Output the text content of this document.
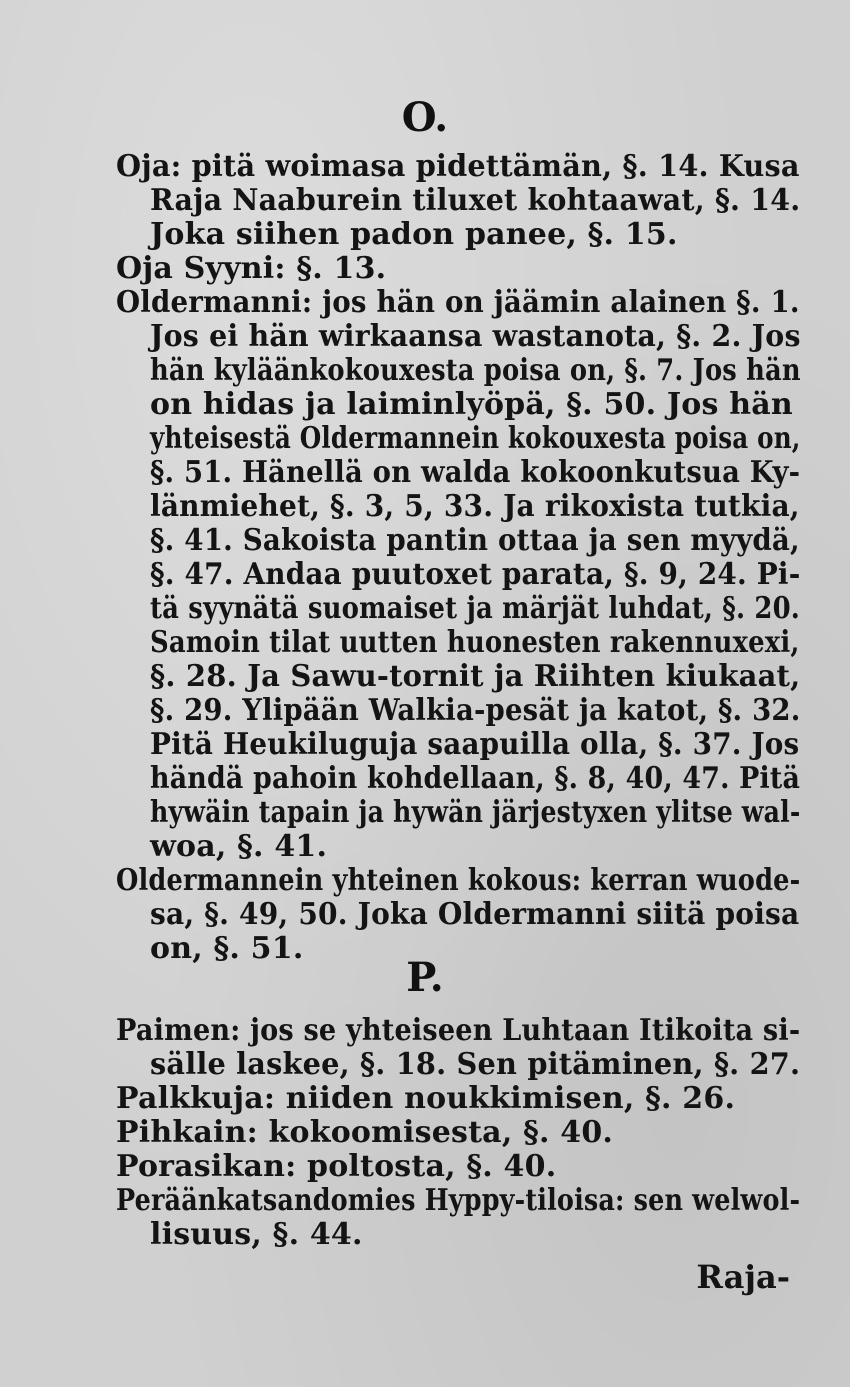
O.
Oja: pitä woimasa pidettämän, §. 14. Kusa
Raja Naaburein tiluxet kohtaawat, §. 14.
Joka siihen padon panee, §. 15.
Oja Syyni: §. 13.
Oldermanni: jos hän on jäämin alainen §. 1.
Jos ei hän wirkaansa wastanota, §. 2. Jos
hän kyläänkokouxesta poisa on, §. 7. Jos hän
on hidas ja laiminlyöpä, §. 50. Jos hän
yhteisestä Oldermannein kokouxesta poisa on,
§. 51. Hänellä on walda kokoonkutsua Ky-
länmiehet, §. 3, 5, 33. Ja rikoxista tutkia,
§. 41. Sakoista pantin ottaa ja sen myydä,
§. 47. Andaa puutoxet parata, §. 9, 24. Pi-
tä syynätä suomaiset ja märjät luhdat, §. 20.
Samoin tilat uutten huonesten rakennuxexi,
§. 28. Ja Sawu-tornit ja Riihten kiukaat,
§. 29. Ylipään Walkia-pesät ja katot, §. 32.
Pitä Heukiluguja saapuilla olla, §. 37. Jos
händä pahoin kohdellaan, §. 8, 40, 47. Pitä
hywäin tapain ja hywän järjestyxen ylitse wal-
woa, §. 41.
Oldermannein yhteinen kokous: kerran wuode-
sa, §. 49, 50. Joka Oldermanni siitä poisa
on, §. 51.
P.
Paimen: jos se yhteiseen Luhtaan Itikoita si-
sälle laskee, §. 18. Sen pitäminen, §. 27.
Palkkuja: niiden noukkimisen, §. 26.
Pihkain: kokoomisesta, §. 40.
Porasikan: poltosta, §. 40.
Peräänkatsandomies Hyppy-tiloisa: sen welwol-
lisuus, §. 44.
Raja-
